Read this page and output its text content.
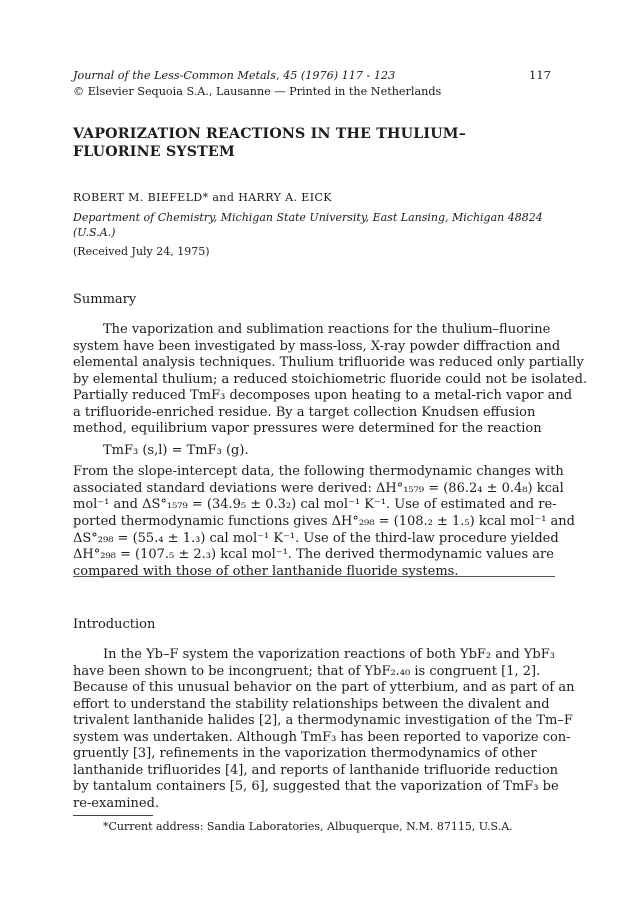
Journal of the Less-Common Metals, 45 (1976) 117 - 123
© Elsevier Sequoia S.A., Lausanne — Printed in the Netherlands
117
VAPORIZATION REACTIONS IN THE THULIUM–FLUORINE SYSTEM
ROBERT M. BIEFELD* and HARRY A. EICK
Department of Chemistry, Michigan State University, East Lansing, Michigan 48824
(U.S.A.)
(Received July 24, 1975)
Summary
The vaporization and sublimation reactions for the thulium–fluorine
system have been investigated by mass-loss, X-ray powder diffraction and
elemental analysis techniques. Thulium trifluoride was reduced only partially
by elemental thulium; a reduced stoichiometric fluoride could not be isolated.
Partially reduced TmF₃ decomposes upon heating to a metal-rich vapor and
a trifluoride-enriched residue. By a target collection Knudsen effusion
method, equilibrium vapor pressures were determined for the reaction
TmF₃ (s,l) = TmF₃ (g).
From the slope-intercept data, the following thermodynamic changes with
associated standard deviations were derived: ΔH°₁₅₇₉ = (86.2₄ ± 0.4₈) kcal
mol⁻¹ and ΔS°₁₅₇₉ = (34.9₅ ± 0.3₂) cal mol⁻¹ K⁻¹. Use of estimated and re-
ported thermodynamic functions gives ΔH°₂₉₈ = (108.₂ ± 1.₅) kcal mol⁻¹ and
ΔS°₂₉₈ = (55.₄ ± 1.₃) cal mol⁻¹ K⁻¹. Use of the third-law procedure yielded
ΔH°₂₉₈ = (107.₅ ± 2.₃) kcal mol⁻¹. The derived thermodynamic values are
compared with those of other lanthanide fluoride systems.
Introduction
In the Yb–F system the vaporization reactions of both YbF₂ and YbF₃
have been shown to be incongruent; that of YbF₂.₄₀ is congruent [1, 2].
Because of this unusual behavior on the part of ytterbium, and as part of an
effort to understand the stability relationships between the divalent and
trivalent lanthanide halides [2], a thermodynamic investigation of the Tm–F
system was undertaken. Although TmF₃ has been reported to vaporize con-
gruently [3], refinements in the vaporization thermodynamics of other
lanthanide trifluorides [4], and reports of lanthanide trifluoride reduction
by tantalum containers [5, 6], suggested that the vaporization of TmF₃ be
re-examined.
*Current address: Sandia Laboratories, Albuquerque, N.M. 87115, U.S.A.
